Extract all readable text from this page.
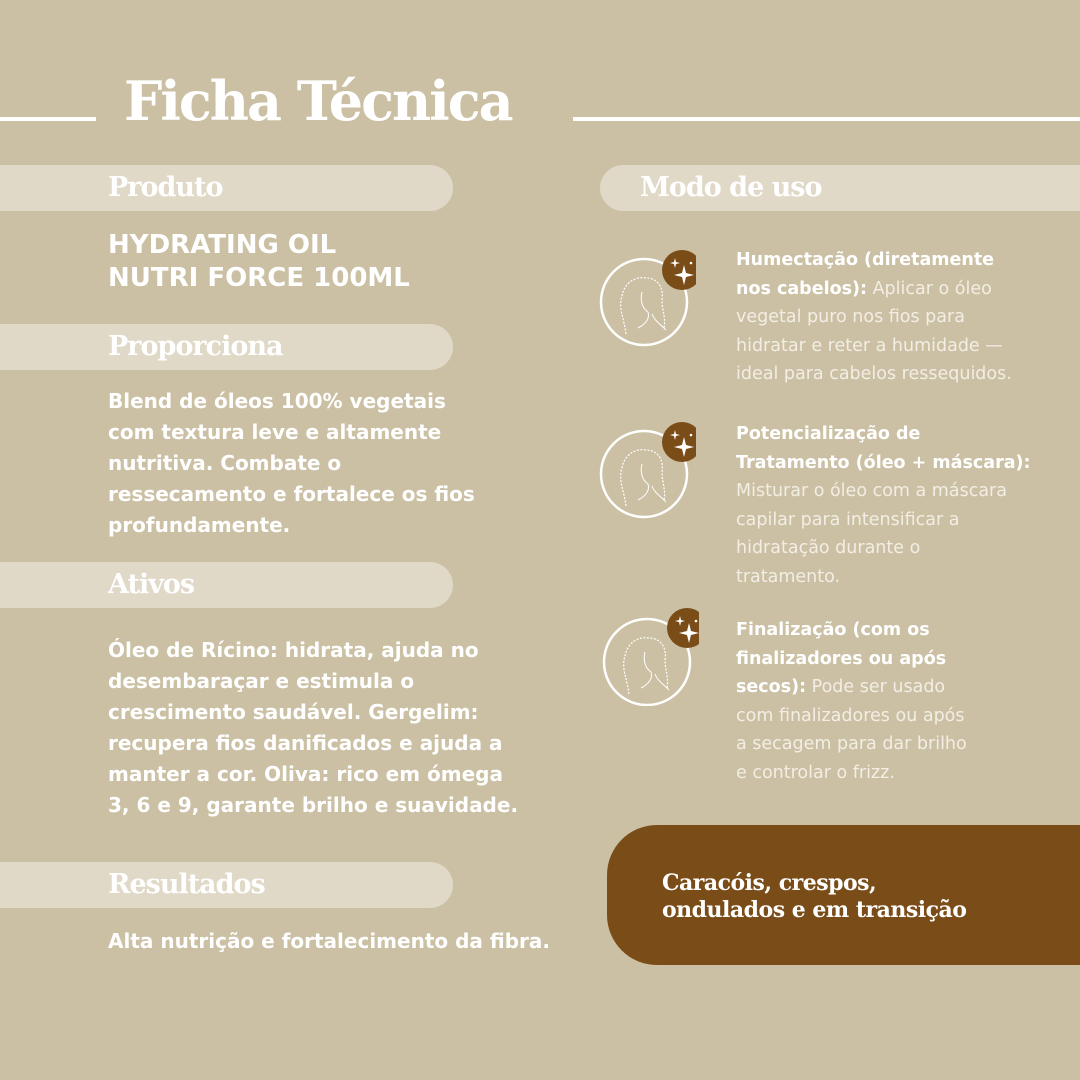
Ficha Técnica
Produto
HYDRATING OIL
NUTRI FORCE 100ML
Proporciona
Blend de óleos 100% vegetais
com textura leve e altamente
nutritiva. Combate o
ressecamento e fortalece os fios
profundamente.
Ativos
Óleo de Rícino: hidrata, ajuda no
desembaraçar e estimula o
crescimento saudável. Gergelim:
recupera fios danificados e ajuda a
manter a cor. Oliva: rico em ómega
3, 6 e 9, garante brilho e suavidade.
Resultados
Alta nutrição e fortalecimento da fibra.
Modo de uso
Humectação (diretamente
nos cabelos): Aplicar o óleo
vegetal puro nos fios para
hidratar e reter a humidade —
ideal para cabelos ressequidos.
Potencialização de
Tratamento (óleo + máscara):
Misturar o óleo com a máscara
capilar para intensificar a
hidratação durante o
tratamento.
Finalização (com os
finalizadores ou após
secos): Pode ser usado
com finalizadores ou após
a secagem para dar brilho
e controlar o frizz.
Caracóis, crespos,
ondulados e em transição
